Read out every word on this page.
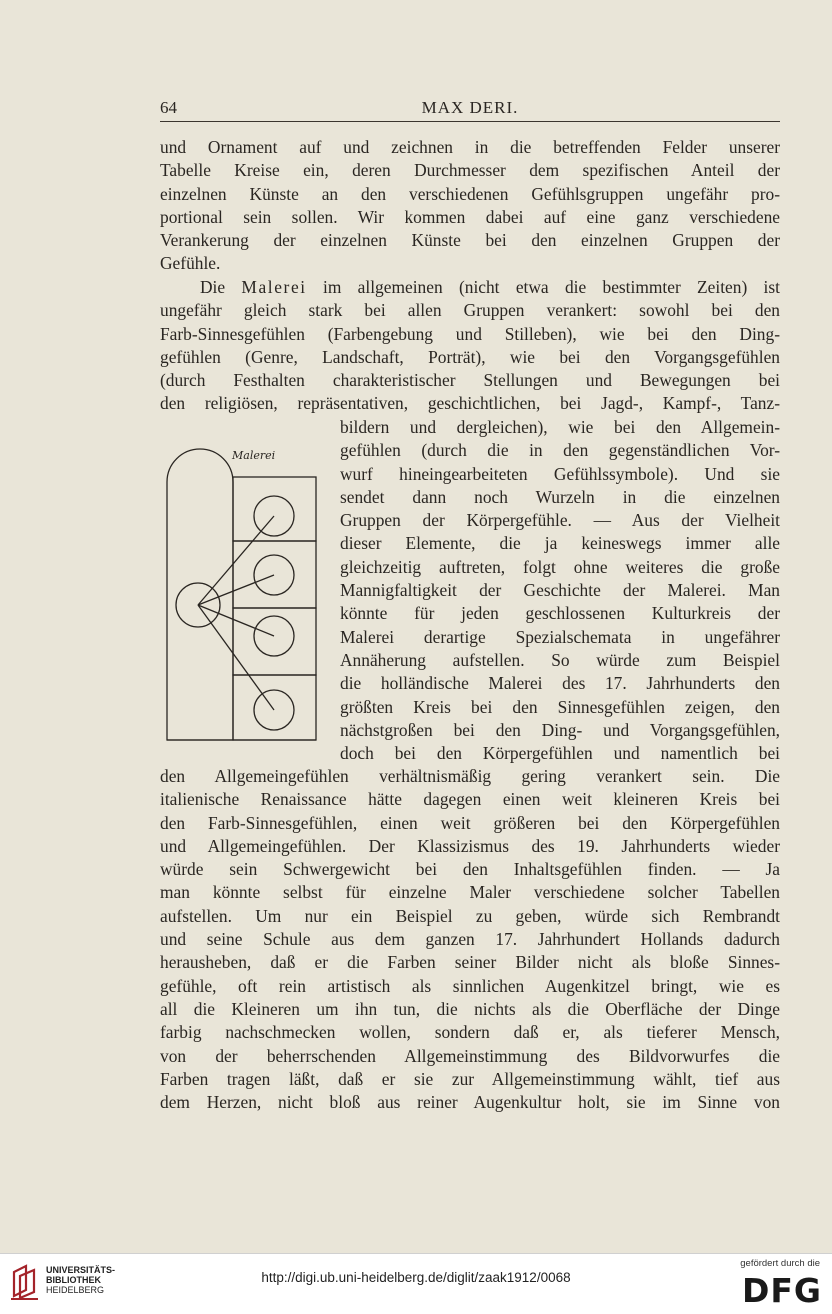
64	MAX DERI.
und Ornament auf und zeichnen in die betreffenden Felder unserer
Tabelle Kreise ein, deren Durchmesser dem spezifischen Anteil der
einzelnen Künste an den verschiedenen Gefühlsgruppen ungefähr pro-
portional sein sollen. Wir kommen dabei auf eine ganz verschiedene
Verankerung der einzelnen Künste bei den einzelnen Gruppen der
Gefühle.
Die Malerei im allgemeinen (nicht etwa die bestimmter Zeiten) ist
ungefähr gleich stark bei allen Gruppen verankert: sowohl bei den
Farb-Sinnesgefühlen (Farbengebung und Stilleben), wie bei den Ding-
gefühlen (Genre, Landschaft, Porträt), wie bei den Vorgangsgefühlen
(durch Festhalten charakteristischer Stellungen und Bewegungen bei
den religiösen, repräsentativen, geschichtlichen, bei Jagd-, Kampf-, Tanz-
Malerei
bildern und dergleichen), wie bei den Allgemein-
gefühlen (durch die in den gegenständlichen Vor-
wurf hineingearbeiteten Gefühlssymbole). Und sie
sendet dann noch Wurzeln in die einzelnen
Gruppen der Körpergefühle. — Aus der Vielheit
dieser Elemente, die ja keineswegs immer alle
gleichzeitig auftreten, folgt ohne weiteres die große
Mannigfaltigkeit der Geschichte der Malerei. Man
könnte für jeden geschlossenen Kulturkreis der
Malerei derartige Spezialschemata in ungefährer
Annäherung aufstellen. So würde zum Beispiel
die holländische Malerei des 17. Jahrhunderts den
größten Kreis bei den Sinnesgefühlen zeigen, den
nächstgroßen bei den Ding- und Vorgangsgefühlen,
doch bei den Körpergefühlen und namentlich bei
den Allgemeingefühlen verhältnismäßig gering verankert sein. Die
italienische Renaissance hätte dagegen einen weit kleineren Kreis bei
den Farb-Sinnesgefühlen, einen weit größeren bei den Körpergefühlen
und Allgemeingefühlen. Der Klassizismus des 19. Jahrhunderts wieder
würde sein Schwergewicht bei den Inhaltsgefühlen finden. — Ja
man könnte selbst für einzelne Maler verschiedene solcher Tabellen
aufstellen. Um nur ein Beispiel zu geben, würde sich Rembrandt
und seine Schule aus dem ganzen 17. Jahrhundert Hollands dadurch
herausheben, daß er die Farben seiner Bilder nicht als bloße Sinnes-
gefühle, oft rein artistisch als sinnlichen Augenkitzel bringt, wie es
all die Kleineren um ihn tun, die nichts als die Oberfläche der Dinge
farbig nachschmecken wollen, sondern daß er, als tieferer Mensch,
von der beherrschenden Allgemeinstimmung des Bildvorwurfes die
Farben tragen läßt, daß er sie zur Allgemeinstimmung wählt, tief aus
dem Herzen, nicht bloß aus reiner Augenkultur holt, sie im Sinne von
UNIVERSITÄTS-
BIBLIOTHEK
HEIDELBERG
http://digi.ub.uni-heidelberg.de/diglit/zaak1912/0068
gefördert durch die
DFG
